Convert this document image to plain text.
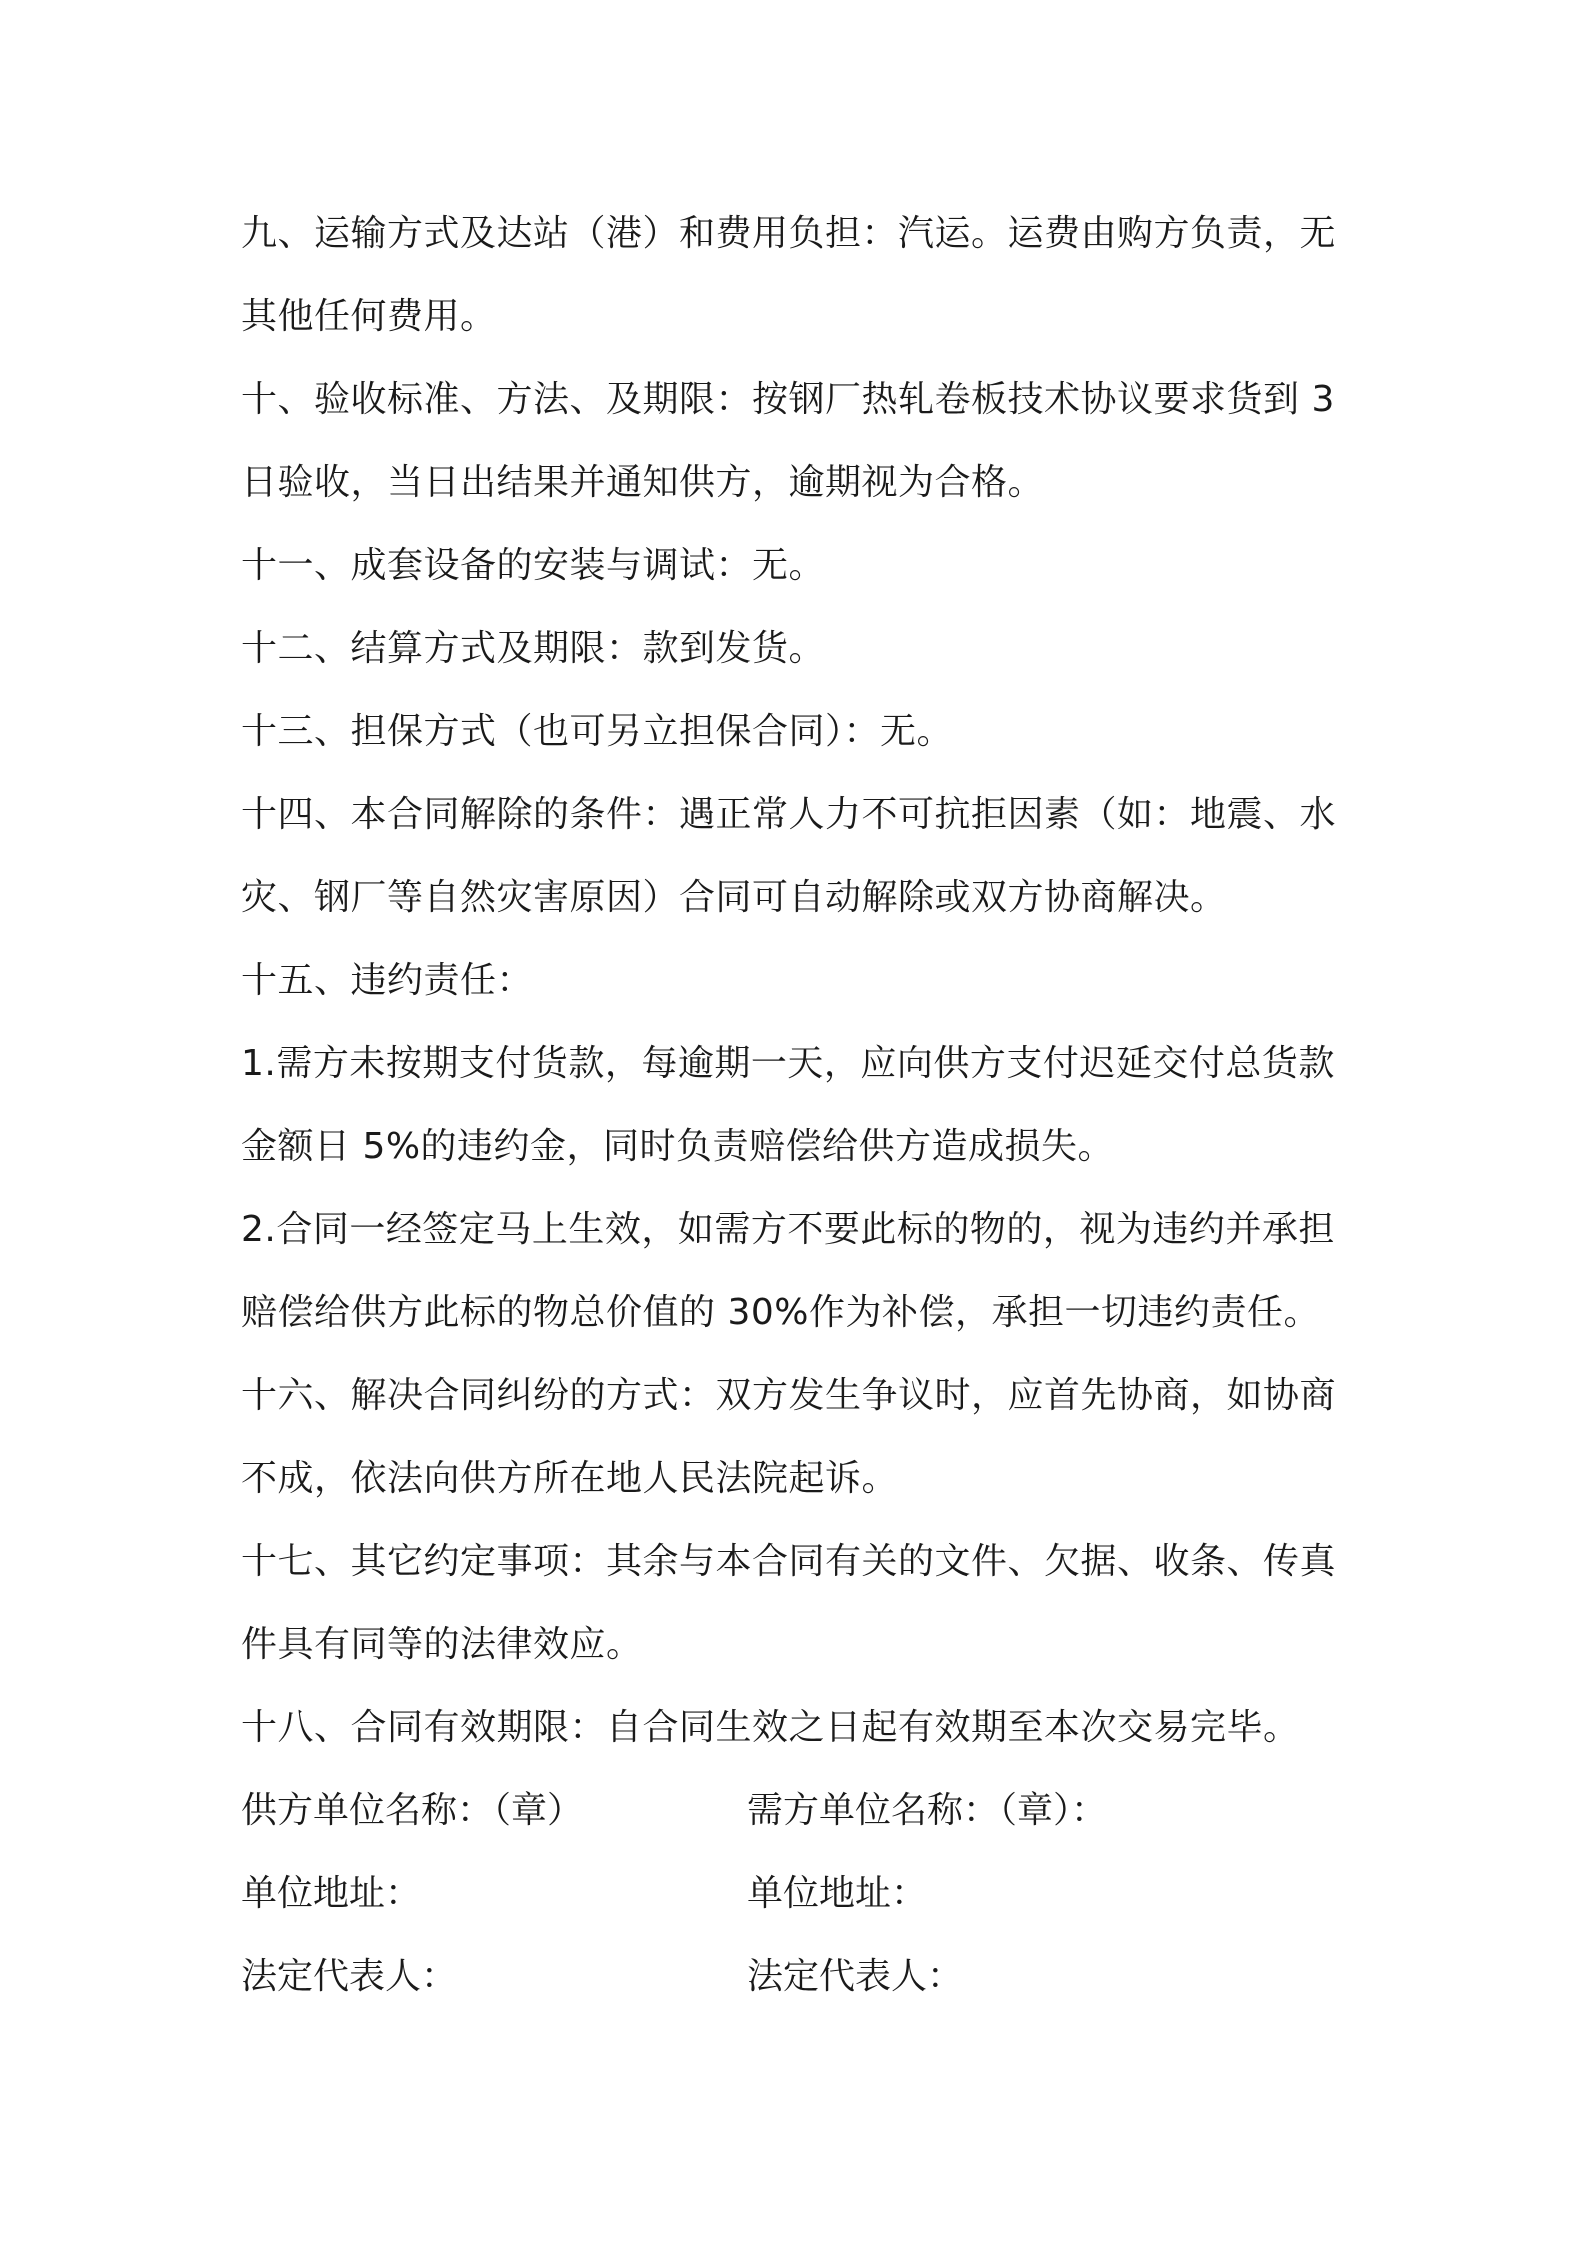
九、运输方式及达站（港）和费用负担：汽运。运费由购方负责，无
其他任何费用。
十、验收标准、方法、及期限：按钢厂热轧卷板技术协议要求货到 3
日验收，当日出结果并通知供方，逾期视为合格。
十一、成套设备的安装与调试：无。
十二、结算方式及期限：款到发货。
十三、担保方式（也可另立担保合同）：无。
十四、本合同解除的条件：遇正常人力不可抗拒因素（如：地震、水
灾、钢厂等自然灾害原因）合同可自动解除或双方协商解决。
十五、违约责任：
1.需方未按期支付货款，每逾期一天，应向供方支付迟延交付总货款
金额日 5%的违约金，同时负责赔偿给供方造成损失。
2.合同一经签定马上生效，如需方不要此标的物的，视为违约并承担
赔偿给供方此标的物总价值的 30%作为补偿，承担一切违约责任。
十六、解决合同纠纷的方式：双方发生争议时，应首先协商，如协商
不成，依法向供方所在地人民法院起诉。
十七、其它约定事项：其余与本合同有关的文件、欠据、收条、传真
件具有同等的法律效应。
十八、合同有效期限：自合同生效之日起有效期至本次交易完毕。
供方单位名称：（章）	需方单位名称：（章）：
单位地址：	单位地址：
法定代表人：	法定代表人：
